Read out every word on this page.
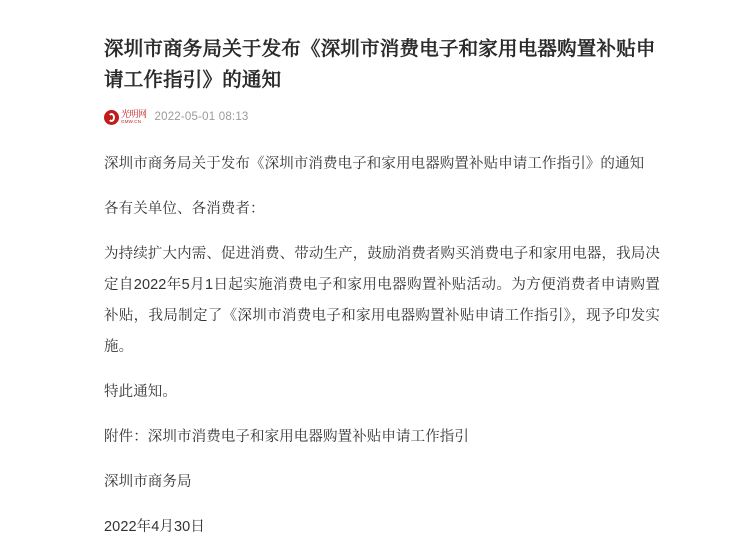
深圳市商务局关于发布《深圳市消费电子和家用电器购置补贴申请工作指引》的通知
光明网
GMW.CN	2022-05-01 08:13

深圳市商务局关于发布《深圳市消费电子和家用电器购置补贴申请工作指引》的通知

各有关单位、各消费者：

为持续扩大内需、促进消费、带动生产，鼓励消费者购买消费电子和家用电器，我局决定自2022年5月1日起实施消费电子和家用电器购置补贴活动。为方便消费者申请购置补贴，我局制定了《深圳市消费电子和家用电器购置补贴申请工作指引》，现予印发实施。

特此通知。

附件：深圳市消费电子和家用电器购置补贴申请工作指引

深圳市商务局

2022年4月30日
